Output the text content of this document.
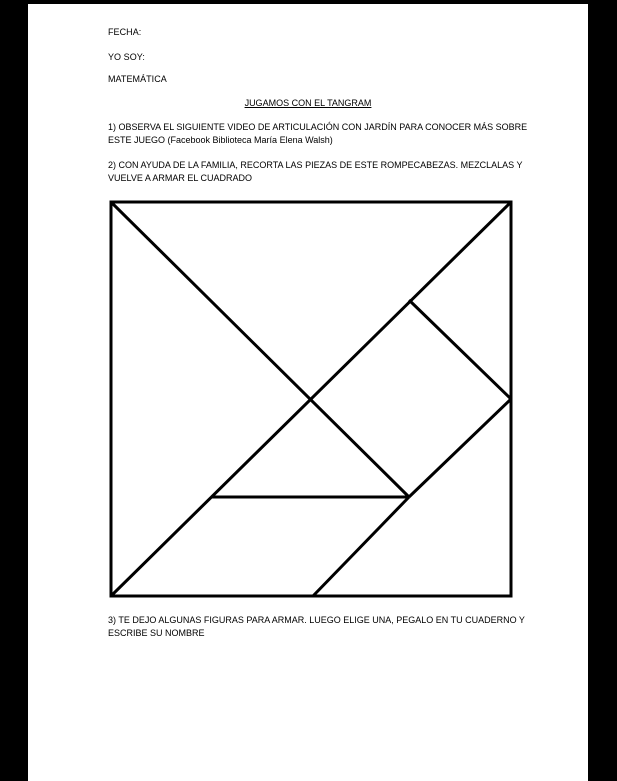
FECHA:
YO SOY:
MATEMÁTICA
JUGAMOS CON EL TANGRAM
1) OBSERVA EL SIGUIENTE VIDEO DE ARTICULACIÓN CON JARDÍN PARA CONOCER MÁS SOBRE
ESTE JUEGO (Facebook Biblioteca María Elena Walsh)
2) CON AYUDA DE LA FAMILIA, RECORTA LAS PIEZAS DE ESTE ROMPECABEZAS. MEZCLALAS Y
VUELVE A ARMAR EL CUADRADO
3) TE DEJO ALGUNAS FIGURAS PARA ARMAR. LUEGO ELIGE UNA, PEGALO EN TU CUADERNO Y
ESCRIBE SU NOMBRE
